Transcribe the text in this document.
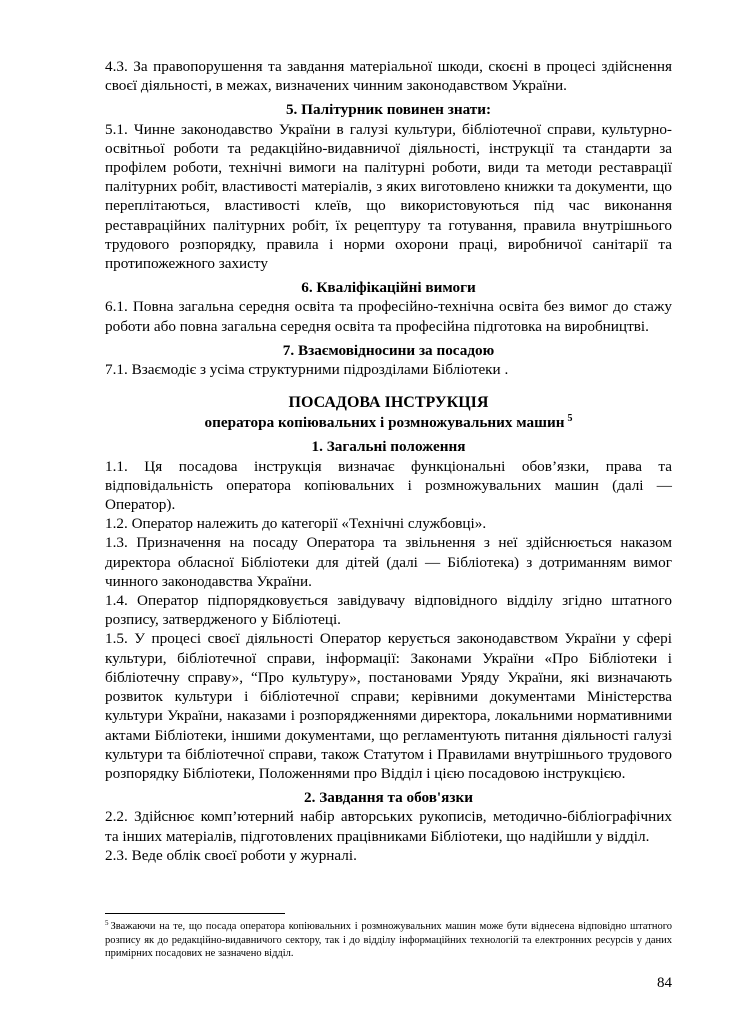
4.3. За правопорушення та завдання матеріальної шкоди, скоєні в процесі здійснення своєї діяльності, в межах, визначених чинним законодавством України.

5. Палітурник повинен знати:

5.1. Чинне законодавство України в галузі культури, бібліотечної справи, культурно-освітньої роботи та редакційно-видавничої діяльності, інструкції та стандарти за профілем роботи, технічні вимоги на палітурні роботи, види та методи реставрації палітурних робіт, властивості матеріалів, з яких виготовлено книжки та документи, що переплітаються, властивості клеїв, що використовуються під час виконання реставраційних палітурних робіт, їх рецептуру та готування, правила внутрішнього трудового розпорядку, правила і норми охорони праці, виробничої санітарії та протипожежного захисту

6. Кваліфікаційні вимоги

6.1. Повна загальна середня освіта та професійно-технічна освіта без вимог до стажу роботи або повна загальна середня освіта та професійна підготовка на виробництві.

7. Взаємовідносини за посадою

7.1. Взаємодіє з усіма структурними підрозділами Бібліотеки .

ПОСАДОВА ІНСТРУКЦІЯ

оператора копіювальних і розмножувальних машин $^5$

1. Загальні положення

1.1. Ця посадова інструкція визначає функціональні обов’язки, права та відповідальність оператора копіювальних і розмножувальних машин (далі — Оператор).

1.2. Оператор належить до категорії «Технічні службовці».

1.3. Призначення на посаду Оператора та звільнення з неї здійснюється наказом директора обласної Бібліотеки для дітей (далі — Бібліотека) з дотриманням вимог чинного законодавства України.

1.4. Оператор підпорядковується завідувачу відповідного відділу згідно штатного розпису, затвердженого у Бібліотеці.

1.5. У процесі своєї діяльності Оператор керується законодавством України у сфері культури, бібліотечної справи, інформації: Законами України «Про Бібліотеки і бібліотечну справу», “Про культуру», постановами Уряду України, які визначають розвиток культури і бібліотечної справи; керівними документами Міністерства культури України, наказами і розпорядженнями директора, локальними нормативними актами Бібліотеки, іншими документами, що регламентують питання діяльності галузі культури та бібліотечної справи, також Статутом і Правилами внутрішнього трудового розпорядку Бібліотеки, Положеннями про Відділ і цією посадовою інструкцією.

2. Завдання та обов'язки

2.2. Здійснює комп’ютерний набір авторських рукописів, методично-бібліографічних та інших матеріалів, підготовлених працівниками Бібліотеки, що надійшли у відділ.

2.3. Веде облік своєї роботи у журналі.

$^5$ Зважаючи на те, що посада оператора копіювальних і розмножувальних машин може бути віднесена відповідно штатного розпису як до редакційно-видавничого сектору, так і до відділу інформаційних технологій та електронних ресурсів у даних примірних посадових не зазначено відділ.
84
